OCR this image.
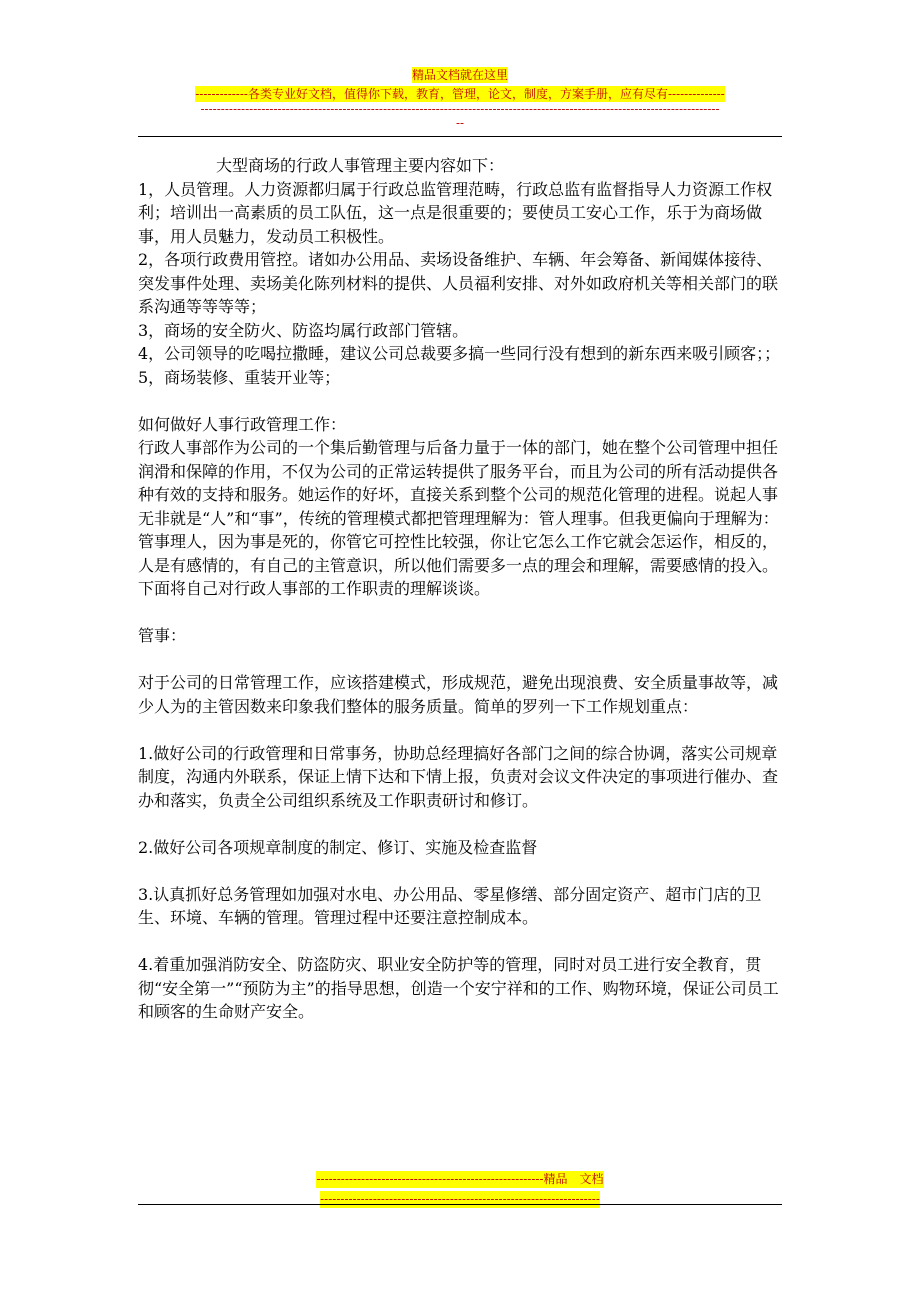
精品文档就在这里
-------------各类专业好文档，值得你下载，教育，管理，论文，制度，方案手册，应有尽有--------------
--------------------------------------------------------------------------------------------------------------------------------
--

大型商场的行政人事管理主要内容如下：

1，人员管理。人力资源都归属于行政总监管理范畴，行政总监有监督指导人力资源工作权利；培训出一高素质的员工队伍，这一点是很重要的；要使员工安心工作，乐于为商场做事，用人员魅力，发动员工积极性。

2，各项行政费用管控。诸如办公用品、卖场设备维护、车辆、年会筹备、新闻媒体接待、突发事件处理、卖场美化陈列材料的提供、人员福利安排、对外如政府机关等相关部门的联系沟通等等等等；

3，商场的安全防火、防盗均属行政部门管辖。

4，公司领导的吃喝拉撒睡，建议公司总裁要多搞一些同行没有想到的新东西来吸引顾客；；

5，商场装修、重装开业等；

如何做好人事行政管理工作：

行政人事部作为公司的一个集后勤管理与后备力量于一体的部门，她在整个公司管理中担任润滑和保障的作用，不仅为公司的正常运转提供了服务平台，而且为公司的所有活动提供各种有效的支持和服务。她运作的好坏，直接关系到整个公司的规范化管理的进程。说起人事无非就是“人”和“事”，传统的管理模式都把管理理解为：管人理事。但我更偏向于理解为：管事理人，因为事是死的，你管它可控性比较强，你让它怎么工作它就会怎运作，相反的，人是有感情的，有自己的主管意识，所以他们需要多一点的理会和理解，需要感情的投入。下面将自己对行政人事部的工作职责的理解谈谈。

管事：

对于公司的日常管理工作，应该搭建模式，形成规范，避免出现浪费、安全质量事故等，减少人为的主管因数来印象我们整体的服务质量。简单的罗列一下工作规划重点：

1.做好公司的行政管理和日常事务，协助总经理搞好各部门之间的综合协调，落实公司规章制度，沟通内外联系，保证上情下达和下情上报，负责对会议文件决定的事项进行催办、查办和落实，负责全公司组织系统及工作职责研讨和修订。

2.做好公司各项规章制度的制定、修订、实施及检查监督

3.认真抓好总务管理如加强对水电、办公用品、零星修缮、部分固定资产、超市门店的卫生、环境、车辆的管理。管理过程中还要注意控制成本。

4.着重加强消防安全、防盗防灾、职业安全防护等的管理，同时对员工进行安全教育，贯彻“安全第一”“预防为主”的指导思想，创造一个安宁祥和的工作、购物环境，保证公司员工和顾客的生命财产安全。

--------------------------------------------------------精品　文档
---------------------------------------------------------------------
